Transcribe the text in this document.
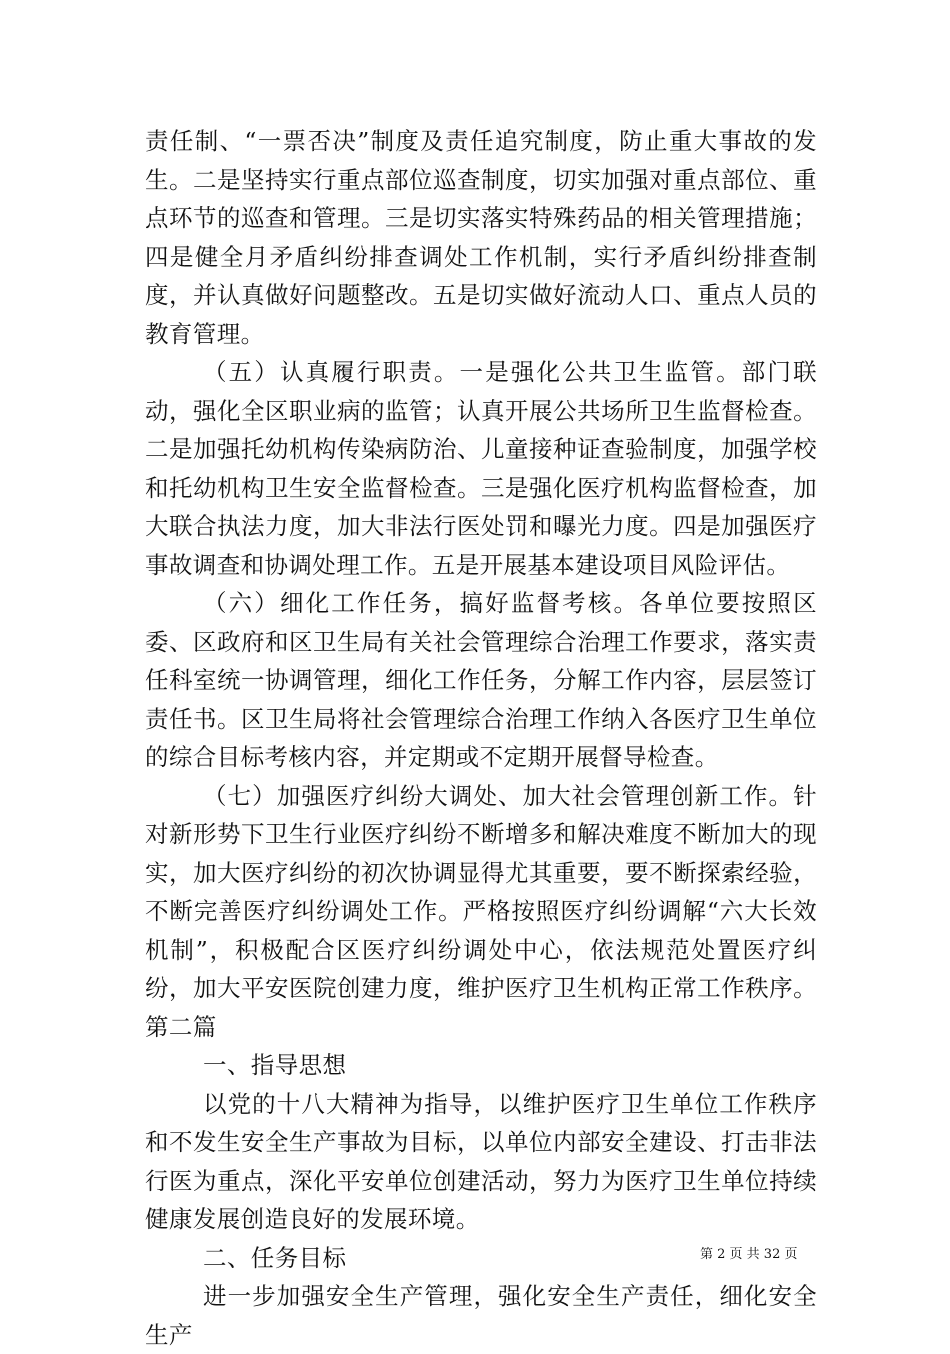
责任制、“一票否决”制度及责任追究制度，防止重大事故的发生。二是坚持实行重点部位巡查制度，切实加强对重点部位、重点环节的巡查和管理。三是切实落实特殊药品的相关管理措施；四是健全月矛盾纠纷排查调处工作机制，实行矛盾纠纷排查制度，并认真做好问题整改。五是切实做好流动人口、重点人员的教育管理。

（五）认真履行职责。一是强化公共卫生监管。部门联动，强化全区职业病的监管；认真开展公共场所卫生监督检查。二是加强托幼机构传染病防治、儿童接种证查验制度，加强学校和托幼机构卫生安全监督检查。三是强化医疗机构监督检查，加大联合执法力度，加大非法行医处罚和曝光力度。四是加强医疗事故调查和协调处理工作。五是开展基本建设项目风险评估。

（六）细化工作任务，搞好监督考核。各单位要按照区委、区政府和区卫生局有关社会管理综合治理工作要求，落实责任科室统一协调管理，细化工作任务，分解工作内容，层层签订责任书。区卫生局将社会管理综合治理工作纳入各医疗卫生单位的综合目标考核内容，并定期或不定期开展督导检查。

（七）加强医疗纠纷大调处、加大社会管理创新工作。针对新形势下卫生行业医疗纠纷不断增多和解决难度不断加大的现实，加大医疗纠纷的初次协调显得尤其重要，要不断探索经验，不断完善医疗纠纷调处工作。严格按照医疗纠纷调解“六大长效机制”，积极配合区医疗纠纷调处中心，依法规范处置医疗纠纷，加大平安医院创建力度，维护医疗卫生机构正常工作秩序。第二篇

一、指导思想

以党的十八大精神为指导，以维护医疗卫生单位工作秩序和不发生安全生产事故为目标，以单位内部安全建设、打击非法行医为重点，深化平安单位创建活动，努力为医疗卫生单位持续健康发展创造良好的发展环境。

二、任务目标

进一步加强安全生产管理，强化安全生产责任，细化安全生产

第 2 页 共 32 页
